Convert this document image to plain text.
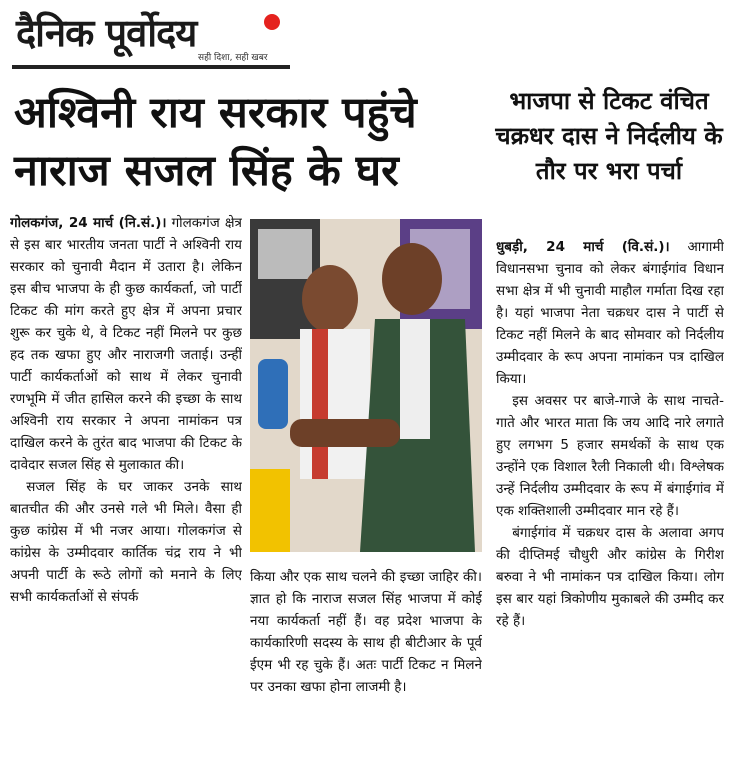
दैनिक पूर्वोदय
सही दिशा, सही खबर
अश्विनी राय सरकार पहुंचे नाराज सजल सिंह के घर
भाजपा से टिकट वंचित चक्रधर दास ने निर्दलीय के तौर पर भरा पर्चा

गोलकगंज, 24 मार्च (नि.सं.)। गोलकगंज क्षेत्र से इस बार भारतीय जनता पार्टी ने अश्विनी राय सरकार को चुनावी मैदान में उतारा है। लेकिन इस बीच भाजपा के ही कुछ कार्यकर्ता, जो पार्टी टिकट की मांग करते हुए क्षेत्र में अपना प्रचार शुरू कर चुके थे, वे टिकट नहीं मिलने पर कुछ हद तक खफा हुए और नाराजगी जताई। उन्हीं पार्टी कार्यकर्ताओं को साथ में लेकर चुनावी रणभूमि में जीत हासिल करने की इच्छा के साथ अश्विनी राय सरकार ने अपना नामांकन पत्र दाखिल करने के तुरंत बाद भाजपा की टिकट के दावेदार सजल सिंह से मुलाकात की।

सजल सिंह के घर जाकर उनके साथ बातचीत की और उनसे गले भी मिले। वैसा ही कुछ कांग्रेस में भी नजर आया। गोलकगंज से कांग्रेस के उम्मीदवार कार्तिक चंद्र राय ने भी अपनी पार्टी के रूठे लोगों को मनाने के लिए सभी कार्यकर्ताओं से संपर्क

किया और एक साथ चलने की इच्छा जाहिर की। ज्ञात हो कि नाराज सजल सिंह भाजपा में कोई नया कार्यकर्ता नहीं हैं। वह प्रदेश भाजपा के कार्यकारिणी सदस्य के साथ ही बीटीआर के पूर्व ईएम भी रह चुके हैं। अतः पार्टी टिकट न मिलने पर उनका खफा होना लाजमी है।

धुबड़ी, 24 मार्च (वि.सं.)। आगामी विधानसभा चुनाव को लेकर बंगाईगांव विधान सभा क्षेत्र में भी चुनावी माहौल गर्माता दिख रहा है। यहां भाजपा नेता चक्रधर दास ने पार्टी से टिकट नहीं मिलने के बाद सोमवार को निर्दलीय उम्मीदवार के रूप अपना नामांकन पत्र दाखिल किया।

इस अवसर पर बाजे-गाजे के साथ नाचते-गाते और भारत माता कि जय आदि नारे लगाते हुए लगभग 5 हजार समर्थकों के साथ एक उन्होंने एक विशाल रैली निकाली थी। विश्लेषक उन्हें निर्दलीय उम्मीदवार के रूप में बंगाईगांव में एक शक्तिशाली उम्मीदवार मान रहे हैं।

बंगाईगांव में चक्रधर दास के अलावा अगप की दीप्तिमई चौधुरी और कांग्रेस के गिरीश बरुवा ने भी नामांकन पत्र दाखिल किया। लोग इस बार यहां त्रिकोणीय मुकाबले की उम्मीद कर रहे हैं।
